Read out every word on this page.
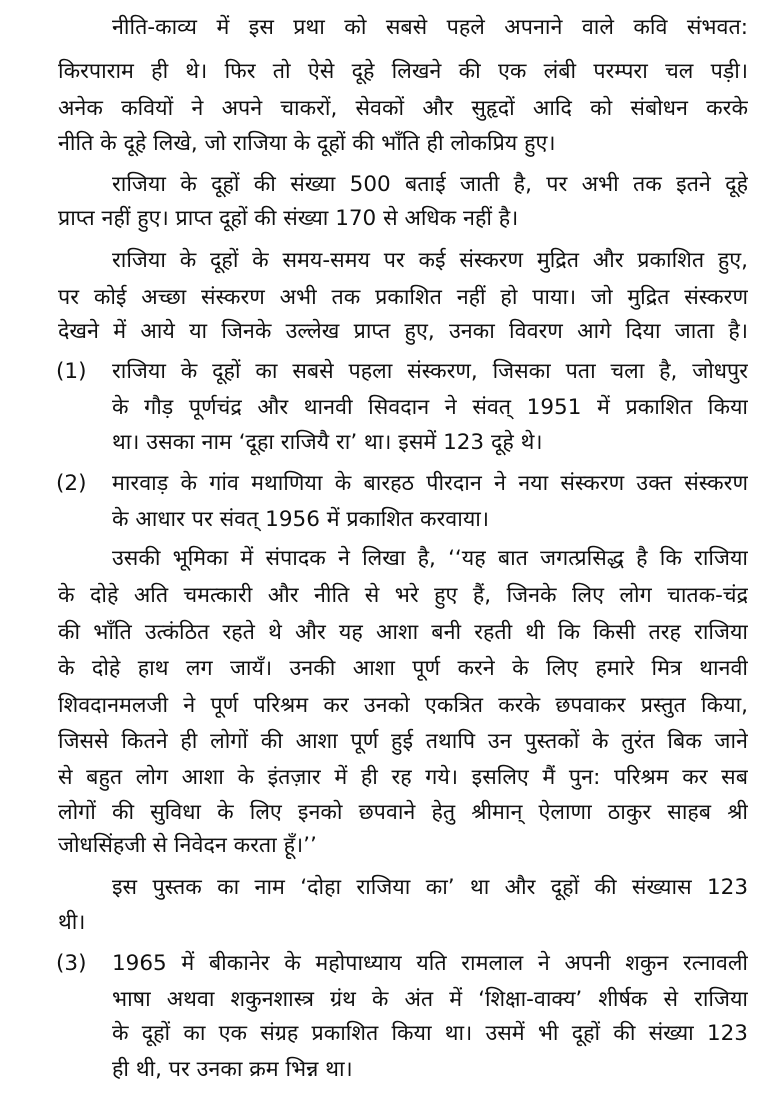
नीति-काव्य में इस प्रथा को सबसे पहले अपनाने वाले कवि संभवत:
किरपाराम ही थे। फिर तो ऐसे दूहे लिखने की एक लंबी परम्परा चल पड़ी।
अनेक कवियों ने अपने चाकरों, सेवकों और सुहृदों आदि को संबोधन करके
नीति के दूहे लिखे, जो राजिया के दूहों की भाँति ही लोकप्रिय हुए।
राजिया के दूहों की संख्या 500 बताई जाती है, पर अभी तक इतने दूहे
प्राप्त नहीं हुए। प्राप्त दूहों की संख्या 170 से अधिक नहीं है।
राजिया के दूहों के समय-समय पर कई संस्करण मुद्रित और प्रकाशित हुए,
पर कोई अच्छा संस्करण अभी तक प्रकाशित नहीं हो पाया। जो मुद्रित संस्करण
देखने में आये या जिनके उल्लेख प्राप्त हुए, उनका विवरण आगे दिया जाता है।
(1) राजिया के दूहों का सबसे पहला संस्करण, जिसका पता चला है, जोधपुर
के गौड़ पूर्णचंद्र और थानवी सिवदान ने संवत् 1951 में प्रकाशित किया
था। उसका नाम ‘दूहा राजियै रा’ था। इसमें 123 दूहे थे।
(2) मारवाड़ के गांव मथाणिया के बारहठ पीरदान ने नया संस्करण उक्त संस्करण
के आधार पर संवत् 1956 में प्रकाशित करवाया।
उसकी भूमिका में संपादक ने लिखा है, ‘‘यह बात जगत्प्रसिद्ध है कि राजिया
के दोहे अति चमत्कारी और नीति से भरे हुए हैं, जिनके लिए लोग चातक-चंद्र
की भाँति उत्कंठित रहते थे और यह आशा बनी रहती थी कि किसी तरह राजिया
के दोहे हाथ लग जायँ। उनकी आशा पूर्ण करने के लिए हमारे मित्र थानवी
शिवदानमलजी ने पूर्ण परिश्रम कर उनको एकत्रित करके छपवाकर प्रस्तुत किया,
जिससे कितने ही लोगों की आशा पूर्ण हुई तथापि उन पुस्तकों के तुरंत बिक जाने
से बहुत लोग आशा के इंतज़ार में ही रह गये। इसलिए मैं पुन: परिश्रम कर सब
लोगों की सुविधा के लिए इनको छपवाने हेतु श्रीमान् ऐलाणा ठाकुर साहब श्री
जोधसिंहजी से निवेदन करता हूँ।’’
इस पुस्तक का नाम ‘दोहा राजिया का’ था और दूहों की संख्यास 123
थी।
(3) 1965 में बीकानेर के महोपाध्याय यति रामलाल ने अपनी शकुन रत्नावली
भाषा अथवा शकुनशास्त्र ग्रंथ के अंत में ‘शिक्षा-वाक्य’ शीर्षक से राजिया
के दूहों का एक संग्रह प्रकाशित किया था। उसमें भी दूहों की संख्या 123
ही थी, पर उनका क्रम भिन्न था।
